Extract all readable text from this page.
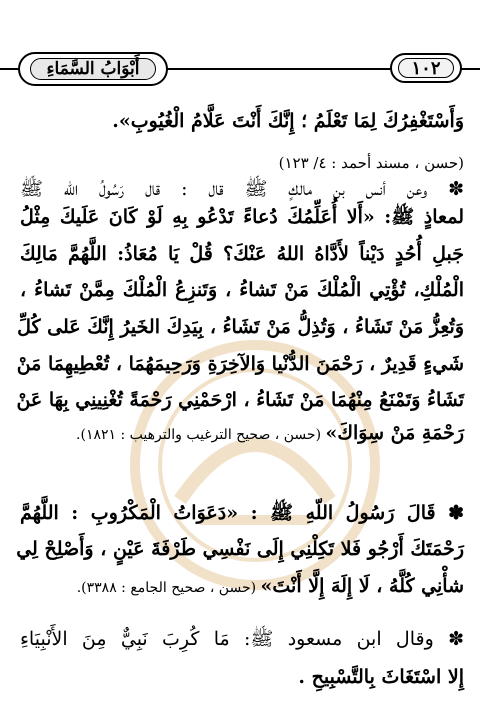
أَبْوَابُ السَّمَاءِ	١٠٢
وَأَسْتَغْفِرُكَ لِمَا تَعْلَمُ ؛ إِنَّكَ أَنْتَ عَلَّامُ الْغُيُوبِ».
(حسن ، مسند أحمد : ٤/ ١٢٣)
✽ وعن أنس بن مالكٍ ﷺ قال : قال رَسُولُ الله ﷺ
لمعاذٍ ﷺ: «أَلا أُعَلِّمُكَ دُعاءً تَدْعُو بِهِ لَوْ كَانَ عَلَيكَ مِثْلُ
جَبلِ أُحُدٍ دَيْناً لأَدَّاهُ اللهُ عَنْكَ؟ قُلْ يَا مُعَاذُ: اللَّهُمَّ مَالِكَ
الْمُلْكِ، تُؤْتِي الْمُلْكَ مَنْ تَشاءُ ، وَتَنزِعُ الْمُلْكَ مِمَّنْ تَشاءُ ،
وَتُعِزُّ مَنْ تَشَاءُ ، وَتُذِلُّ مَنْ تَشَاءُ ، بِيَدِكَ الخَيرُ إِنَّكَ عَلى كُلِّ
شَيءٍ قَدِيرٌ ، رَحْمَنَ الدُّنْيا وَالآخِرَةِ وَرَحِيمَهُمَا ، تُعْطِيهِمَا مَنْ
تَشَاءُ وَتَمْنَعُ مِنْهُمَا مَنْ تَشَاءُ ، ارْحَمْنِي رَحْمَةً تُغْنِينِي بِهَا عَنْ
رَحْمَةِ مَنْ سِوَاكَ» (حسن ، صحيح الترغيب والترهيب : ١٨٢١).
✽ قَالَ رَسُولُ اللّهِ ﷺ : «دَعَوَاتُ الْمَكْرُوبِ : اللَّهُمَّ
رَحْمَتَكَ أَرْجُو فَلا تَكِلْنِي إِلَى نَفْسِي طَرْفَةَ عَيْنٍ ، وَأَصْلِحْ لِي
شأْنِي كُلَّهُ ، لَا إِلَهَ إِلَّا أَنْتَ» (حسن ، صحيح الجامع : ٣٣٨٨).
✽ وقال ابن مسعود ﷺ: مَا كُرِبَ نَبِيٌّ مِنَ الأَنْبِيَاءِ
إِلا اسْتَغَاثَ بِالتَّسْبِيحِ .
